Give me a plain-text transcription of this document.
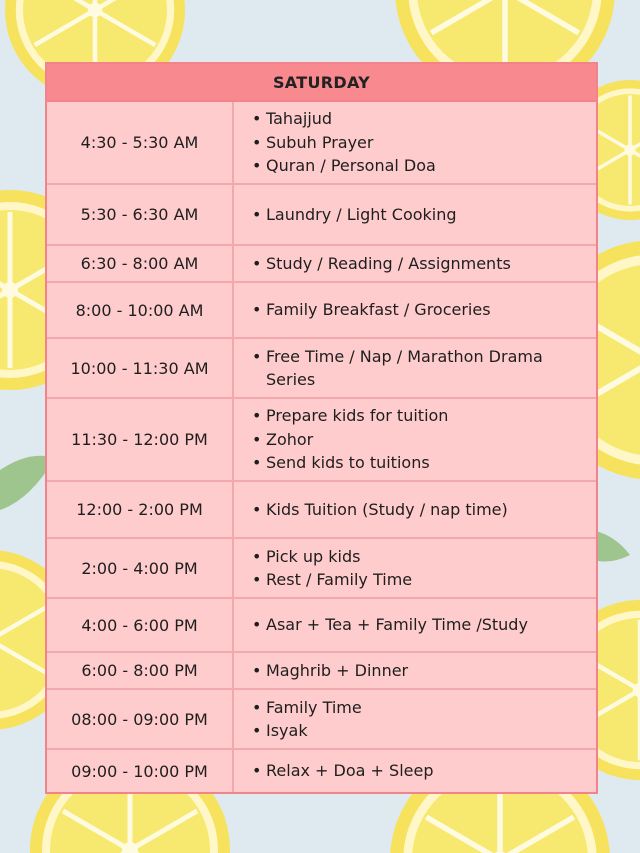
SATURDAY
4:30 - 5:30 AM
• Tahajjud
• Subuh Prayer
• Quran / Personal Doa
5:30 - 6:30 AM	• Laundry / Light Cooking
6:30 - 8:00 AM	• Study / Reading / Assignments
8:00 - 10:00 AM	• Family Breakfast / Groceries
10:00 - 11:30 AM
• Free Time / Nap / Marathon Drama Series
11:30 - 12:00 PM
• Prepare kids for tuition
• Zohor
• Send kids to tuitions
12:00 - 2:00 PM	• Kids Tuition (Study / nap time)
2:00 - 4:00 PM
• Pick up kids
• Rest / Family Time
4:00 - 6:00 PM	• Asar + Tea + Family Time /Study
6:00 - 8:00 PM	• Maghrib + Dinner
08:00 - 09:00 PM
• Family Time
• Isyak
09:00 - 10:00 PM	• Relax + Doa + Sleep
